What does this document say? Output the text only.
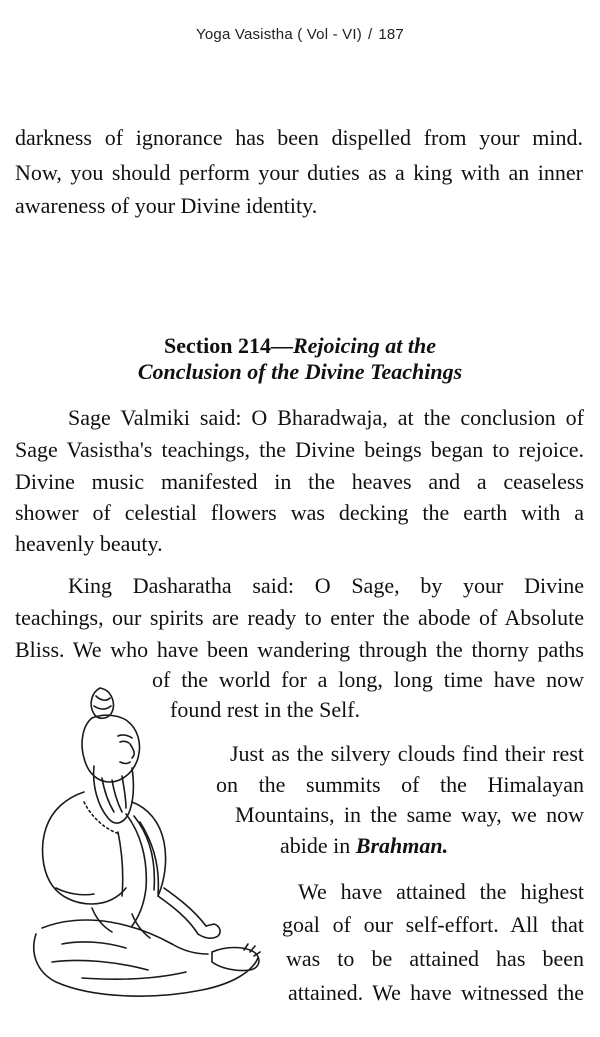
Yoga Vasistha ( Vol - VI) / 187
darkness of ignorance has been dispelled from your mind.
Now, you should perform your duties as a king with an inner
awareness of your Divine identity.
Section 214—Rejoicing at the
Conclusion of the Divine Teachings
Sage Valmiki said: O Bharadwaja, at the conclusion of
Sage Vasistha's teachings, the Divine beings began to rejoice.
Divine music manifested in the heaves and a ceaseless
shower of celestial flowers was decking the earth with a
heavenly beauty.
King Dasharatha said: O Sage, by your Divine
teachings, our spirits are ready to enter the abode of Absolute
Bliss. We who have been wandering through the thorny paths
of the world for a long, long time have now
found rest in the Self.
Just as the silvery clouds find their rest
on the summits of the Himalayan
Mountains, in the same way, we now
abide in Brahman.
We have attained the highest
goal of our self-effort. All that
was to be attained has been
attained. We have witnessed the
